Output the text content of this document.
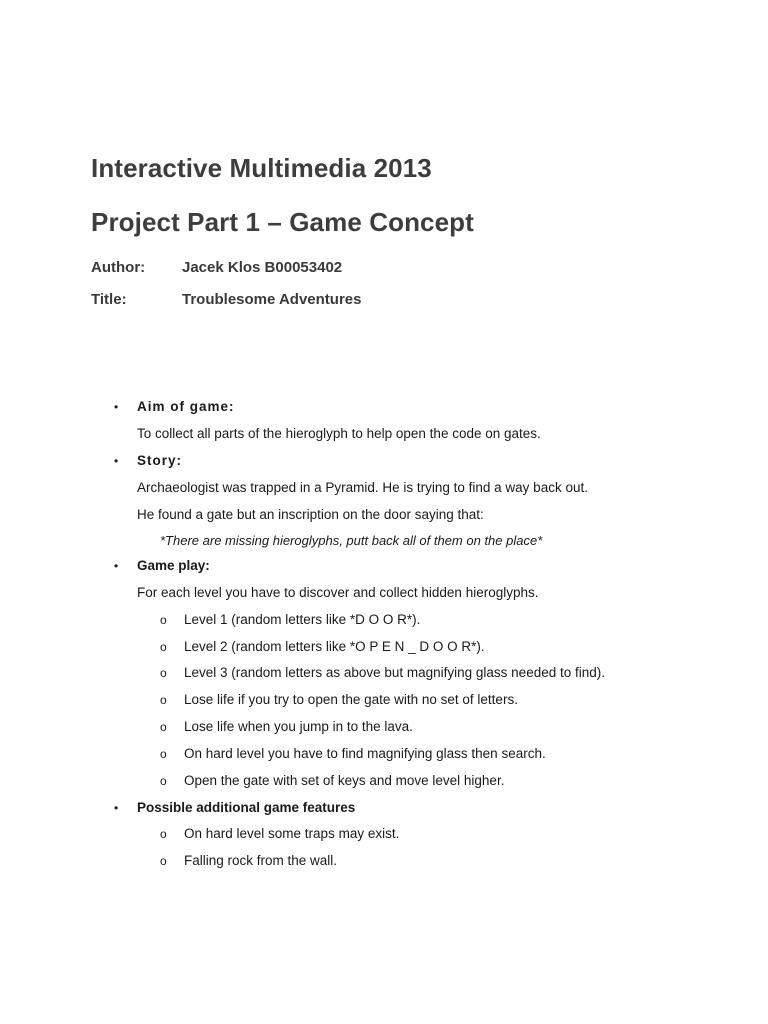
Interactive Multimedia 2013
Project Part 1 – Game Concept
Author: Jacek Klos B00053402
Title:	Troublesome Adventures
• Aim of game:
To collect all parts of the hieroglyph to help open the code on gates.
• Story:
Archaeologist was trapped in a Pyramid. He is trying to find a way back out.
He found a gate but an inscription on the door saying that:
*There are missing hieroglyphs, putt back all of them on the place*
• Game play:
For each level you have to discover and collect hidden hieroglyphs.
o Level 1 (random letters like *D O O R*).
o Level 2 (random letters like *O P E N _ D O O R*).
o Level 3 (random letters as above but magnifying glass needed to find).
o Lose life if you try to open the gate with no set of letters.
o Lose life when you jump in to the lava.
o On hard level you have to find magnifying glass then search.
o Open the gate with set of keys and move level higher.
• Possible additional game features
o On hard level some traps may exist.
o Falling rock from the wall.
